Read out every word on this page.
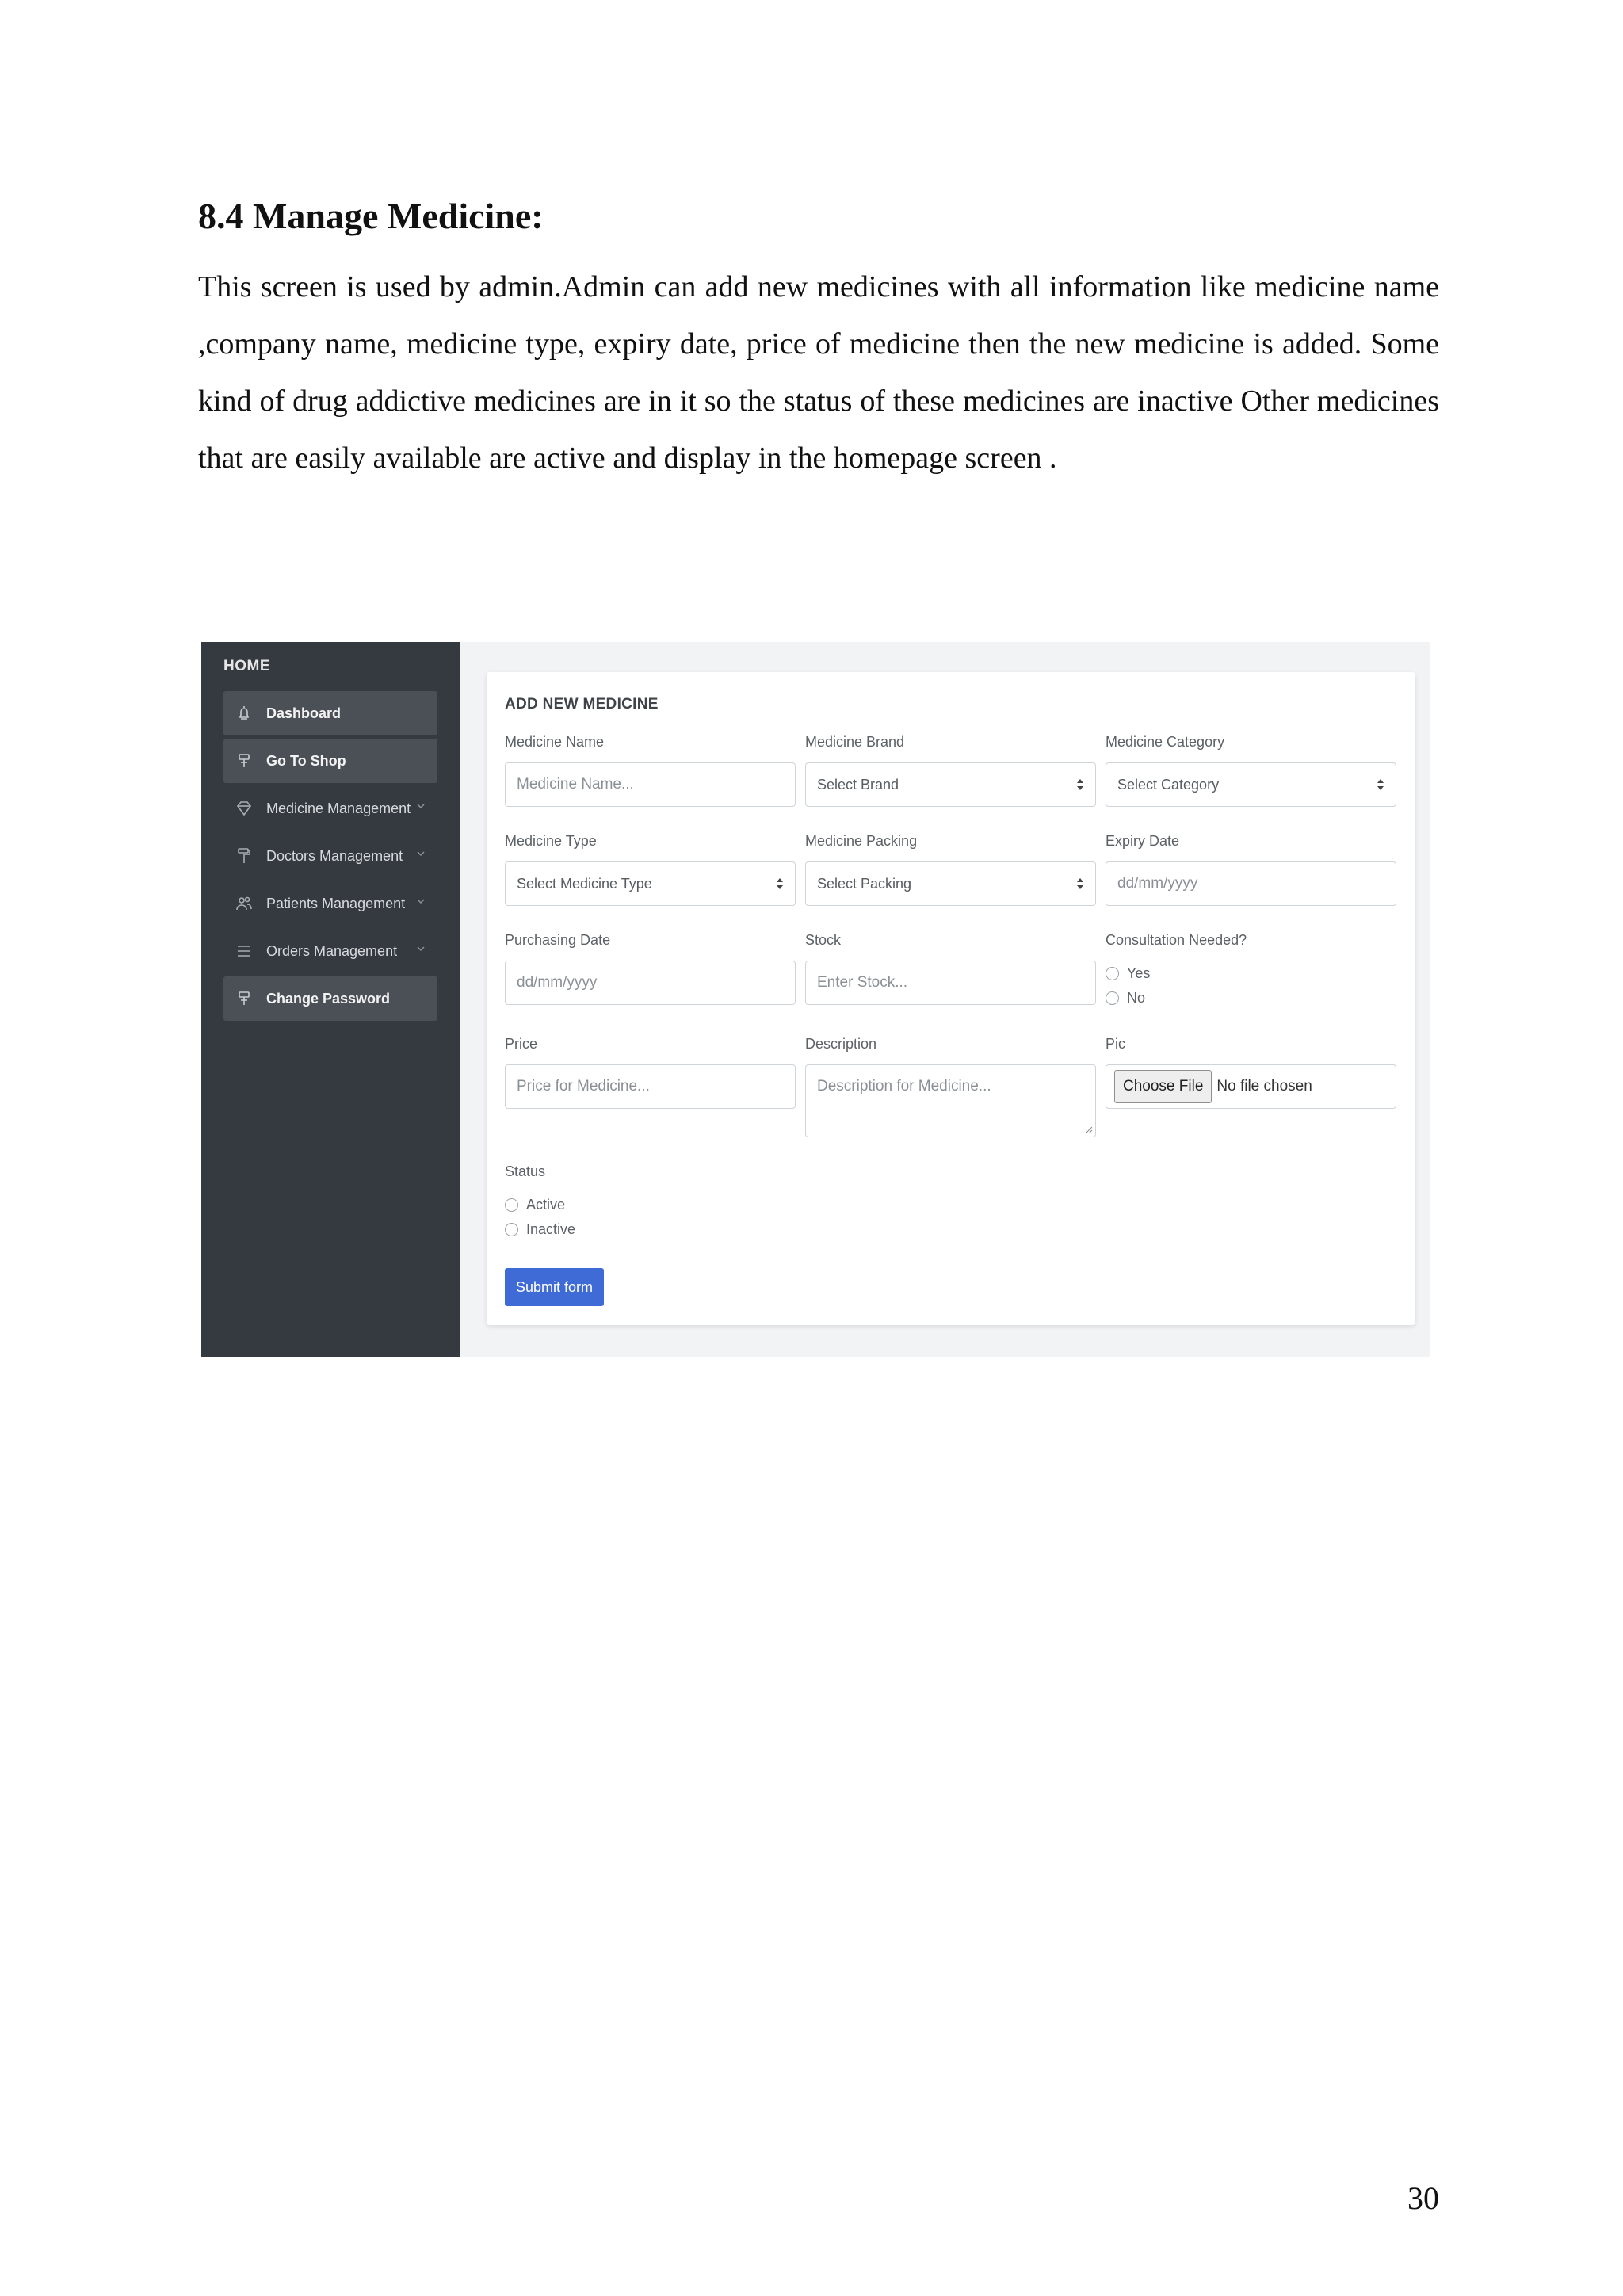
8.4 Manage Medicine:

This screen is used by admin.Admin can add new medicines with all information like medicine name ,company name, medicine type, expiry date, price of medicine then the new medicine is added. Some kind of drug addictive medicines are in it so the status of these medicines are inactive Other medicines that are easily available are active and display in the homepage screen .

HOME
Dashboard
Go To Shop
Medicine Management
Doctors Management
Patients Management
Orders Management
Change Password
ADD NEW MEDICINE
Medicine Name
Medicine Name...
Medicine Brand
Select Brand
Medicine Category
Select Category
Medicine Type
Select Medicine Type
Medicine Packing
Select Packing
Expiry Date
dd/mm/yyyy
Purchasing Date
dd/mm/yyyy
Stock
Enter Stock...
Consultation Needed?
Yes
No
Price
Price for Medicine...
Description
Description for Medicine...
Pic
Choose File No file chosen
Status
Active
Inactive
Submit form
30
